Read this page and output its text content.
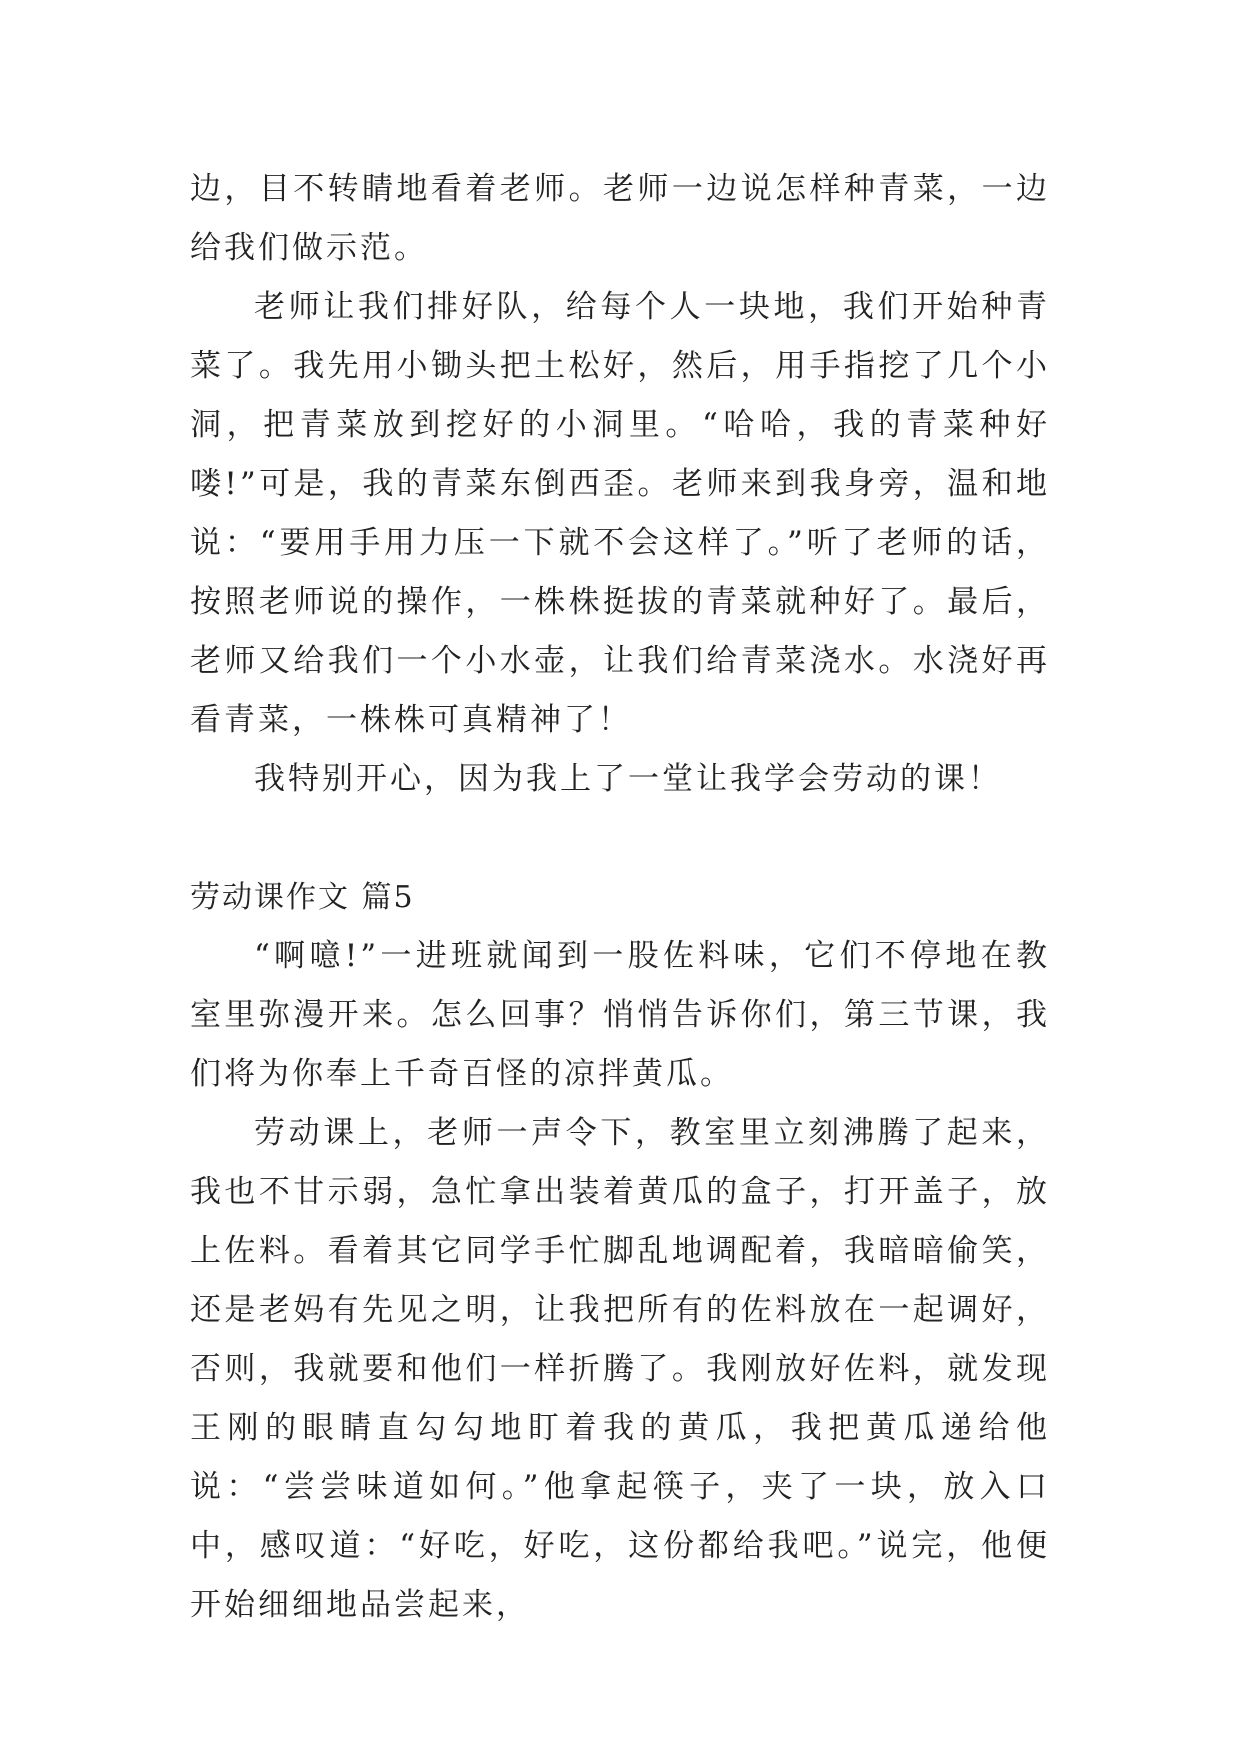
边，目不转睛地看着老师。老师一边说怎样种青菜，一边给我们做示范。

老师让我们排好队，给每个人一块地，我们开始种青菜了。我先用小锄头把土松好，然后，用手指挖了几个小洞，把青菜放到挖好的小洞里。“哈哈，我的青菜种好喽!”可是，我的青菜东倒西歪。老师来到我身旁，温和地说：“要用手用力压一下就不会这样了。”听了老师的话，按照老师说的操作，一株株挺拔的青菜就种好了。最后，老师又给我们一个小水壶，让我们给青菜浇水。水浇好再看青菜，一株株可真精神了！

我特别开心，因为我上了一堂让我学会劳动的课！

劳动课作文 篇5

“啊噫!”一进班就闻到一股佐料味，它们不停地在教室里弥漫开来。怎么回事？悄悄告诉你们，第三节课，我们将为你奉上千奇百怪的凉拌黄瓜。

劳动课上，老师一声令下，教室里立刻沸腾了起来，我也不甘示弱，急忙拿出装着黄瓜的盒子，打开盖子，放上佐料。看着其它同学手忙脚乱地调配着，我暗暗偷笑，还是老妈有先见之明，让我把所有的佐料放在一起调好，否则，我就要和他们一样折腾了。我刚放好佐料，就发现王刚的眼睛直勾勾地盯着我的黄瓜，我把黄瓜递给他说：“尝尝味道如何。”他拿起筷子，夹了一块，放入口中，感叹道：“好吃，好吃，这份都给我吧。”说完，他便开始细细地品尝起来，
